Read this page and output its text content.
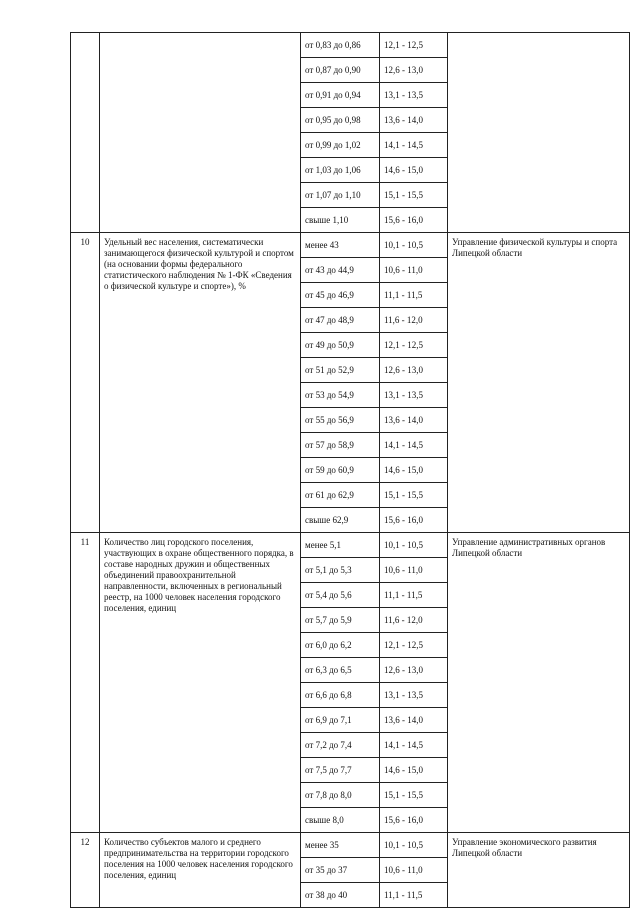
		от 0,83 до 0,86	12,1 - 12,5	
		от 0,87 до 0,90	12,6 - 13,0	
		от 0,91 до 0,94	13,1 - 13,5	
		от 0,95 до 0,98	13,6 - 14,0	
		от 0,99 до 1,02	14,1 - 14,5	
		от 1,03 до 1,06	14,6 - 15,0	
		от 1,07 до 1,10	15,1 - 15,5	
		свыше 1,10	15,6 - 16,0	
10	Удельный вес населения, систематически занимающегося физической культурой и спортом (на основании формы федерального статистического наблюдения № 1-ФК «Сведения о физической культуре и спорте»), %	менее 43	10,1 - 10,5	Управление физической культуры и спорта Липецкой области
		от 43 до 44,9	10,6 - 11,0	
		от 45 до 46,9	11,1 - 11,5	
		от 47 до 48,9	11,6 - 12,0	
		от 49 до 50,9	12,1 - 12,5	
		от 51 до 52,9	12,6 - 13,0	
		от 53 до 54,9	13,1 - 13,5	
		от 55 до 56,9	13,6 - 14,0	
		от 57 до 58,9	14,1 - 14,5	
		от 59 до 60,9	14,6 - 15,0	
		от 61 до 62,9	15,1 - 15,5	
		свыше 62,9	15,6 - 16,0	
11	Количество лиц городского поселения, участвующих в охране общественного порядка, в составе народных дружин и общественных объединений правоохранительной направленности, включенных в региональный реестр, на 1000 человек населения городского поселения, единиц	менее 5,1	10,1 - 10,5	Управление административных органов Липецкой области
		от 5,1 до 5,3	10,6 - 11,0	
		от 5,4 до 5,6	11,1 - 11,5	
		от 5,7 до 5,9	11,6 - 12,0	
		от 6,0 до 6,2	12,1 - 12,5	
		от 6,3 до 6,5	12,6 - 13,0	
		от 6,6 до 6,8	13,1 - 13,5	
		от 6,9 до 7,1	13,6 - 14,0	
		от 7,2 до 7,4	14,1 - 14,5	
		от 7,5 до 7,7	14,6 - 15,0	
		от 7,8 до 8,0	15,1 - 15,5	
		свыше 8,0	15,6 - 16,0	
12	Количество субъектов малого и среднего предпринимательства на территории городского поселения на 1000 человек населения городского поселения, единиц	менее 35	10,1 - 10,5	Управление экономического развития Липецкой области
		от 35 до 37	10,6 - 11,0	
		от 38 до 40	11,1 - 11,5	
